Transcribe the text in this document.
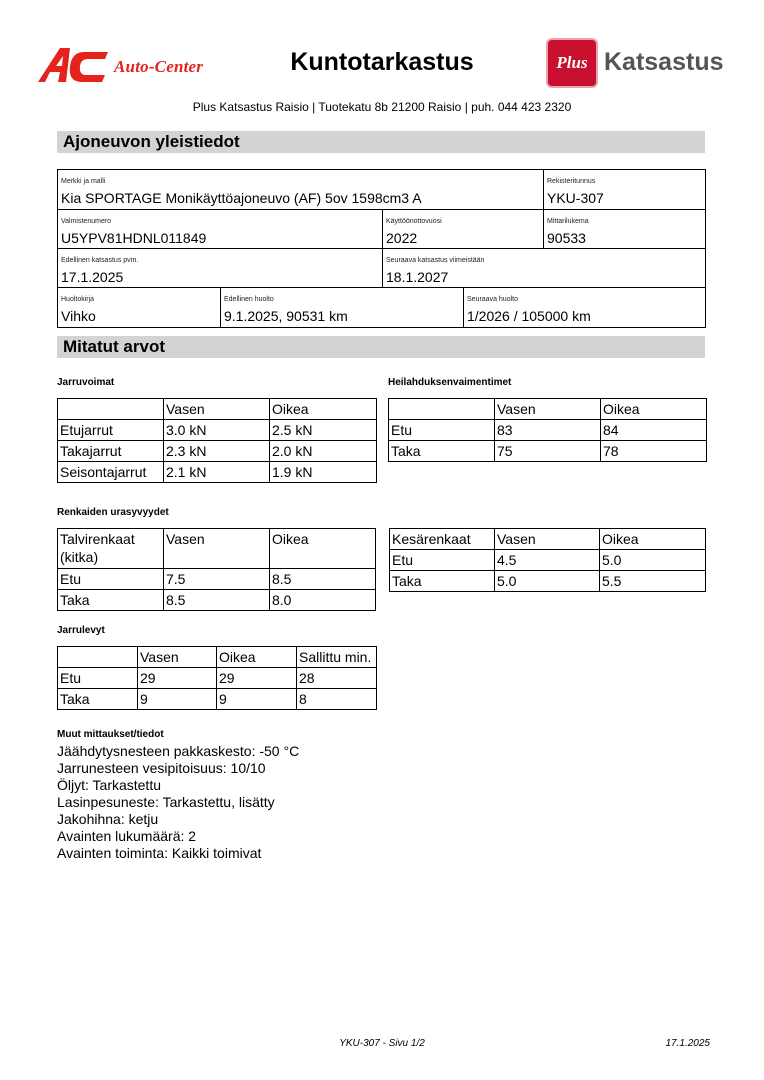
Auto-Center	Kuntotarkastus	Plus Katsastus
Plus Katsastus Raisio | Tuotekatu 8b 21200 Raisio | puh. 044 423 2320
Ajoneuvon yleistiedot
Merkki ja malli
Kia SPORTAGE Monikäyttöajoneuvo (AF) 5ov 1598cm3 A
Rekisteritunnus
YKU-307
Valmistenumero
U5YPV81HDNL011849
Käyttöönottovuosi
2022
Mittarilukema
90533
Edellinen katsastus pvm.
17.1.2025
Seuraava katsastus viimeistään
18.1.2027
Huoltokirja
Vihko
Edellinen huolto
9.1.2025, 90531 km
Seuraava huolto
1/2026 / 105000 km
Mitatut arvot
Jarruvoimat
	Vasen	Oikea
Etujarrut	3.0 kN	2.5 kN
Takajarrut	2.3 kN	2.0 kN
Seisontajarrut	2.1 kN	1.9 kN
Heilahduksenvaimentimet
	Vasen	Oikea
Etu	83	84
Taka	75	78
Renkaiden urasyvyydet
Talvirenkaat (kitka)	Vasen	Oikea
Etu	7.5	8.5
Taka	8.5	8.0
Kesärenkaat	Vasen	Oikea
Etu	4.5	5.0
Taka	5.0	5.5
Jarrulevyt
	Vasen	Oikea	Sallittu min.
Etu	29	29	28
Taka	9	9	8
Muut mittaukset/tiedot
Jäähdytysnesteen pakkaskesto: -50 °C
Jarrunesteen vesipitoisuus: 10/10
Öljyt: Tarkastettu
Lasinpesuneste: Tarkastettu, lisätty
Jakohihna: ketju
Avainten lukumäärä: 2
Avainten toiminta: Kaikki toimivat
YKU-307 - Sivu 1/2	17.1.2025
